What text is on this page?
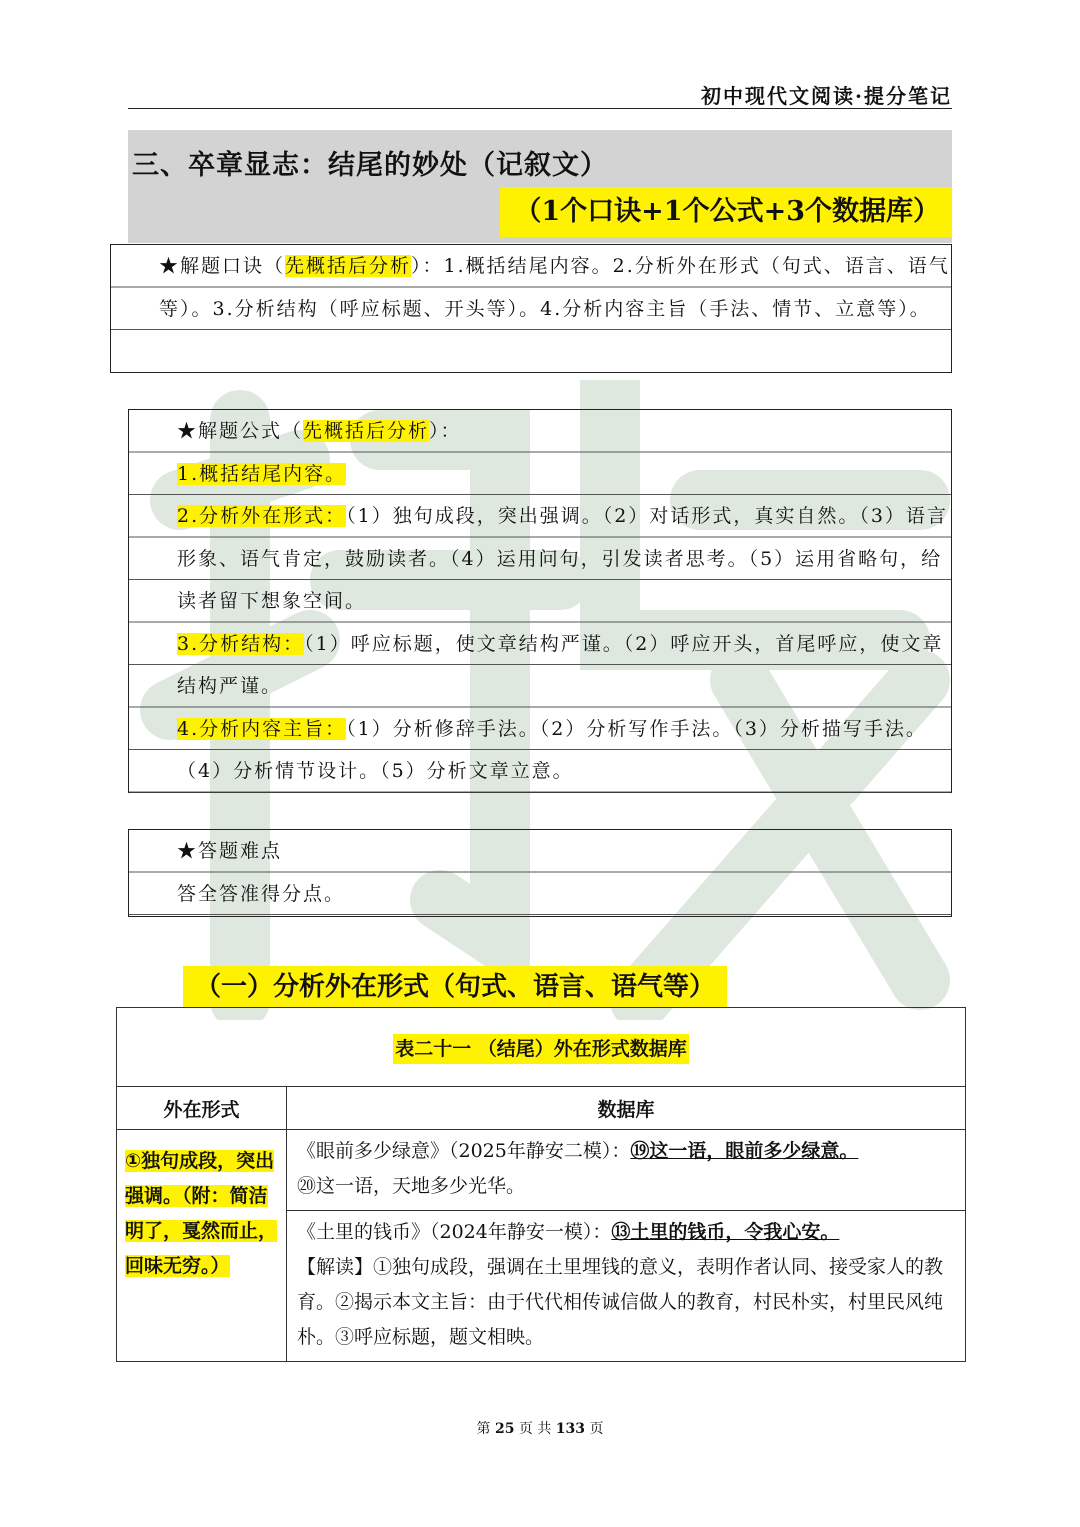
初中现代文阅读·提分笔记
三、卒章显志：结尾的妙处（记叙文）
（1个口诀+1个公式+3个数据库）
★解题口诀（先概括后分析）：1.概括结尾内容。2.分析外在形式（句式、语言、语气等）。3.分析结构（呼应标题、开头等）。4.分析内容主旨（手法、情节、立意等）。
★解题公式（先概括后分析）：
1.概括结尾内容。
2.分析外在形式：（1）独句成段，突出强调。（2）对话形式，真实自然。（3）语言形象、语气肯定，鼓励读者。（4）运用问句，引发读者思考。（5）运用省略句，给读者留下想象空间。
3.分析结构：（1）呼应标题，使文章结构严谨。（2）呼应开头，首尾呼应，使文章结构严谨。
4.分析内容主旨：（1）分析修辞手法。（2）分析写作手法。（3）分析描写手法。（4）分析情节设计。（5）分析文章立意。
★答题难点
答全答准得分点。
（一）分析外在形式（句式、语言、语气等）
表二十一 （结尾）外在形式数据库	
外在形式	数据库
①独句成段，突出强调。（附：简洁明了，戛然而止，回味无穷。）	《眼前多少绿意》（2025年静安二模）：⑲这一语，眼前多少绿意。
⑳这一语，天地多少光华。
	《土里的钱币》（2024年静安一模）：⑬土里的钱币，令我心安。
【解读】①独句成段，强调在土里埋钱的意义，表明作者认同、接受家人的教育。②揭示本文主旨：由于代代相传诚信做人的教育，村民朴实，村里民风纯朴。③呼应标题，题文相映。
第 25 页 共 133 页
